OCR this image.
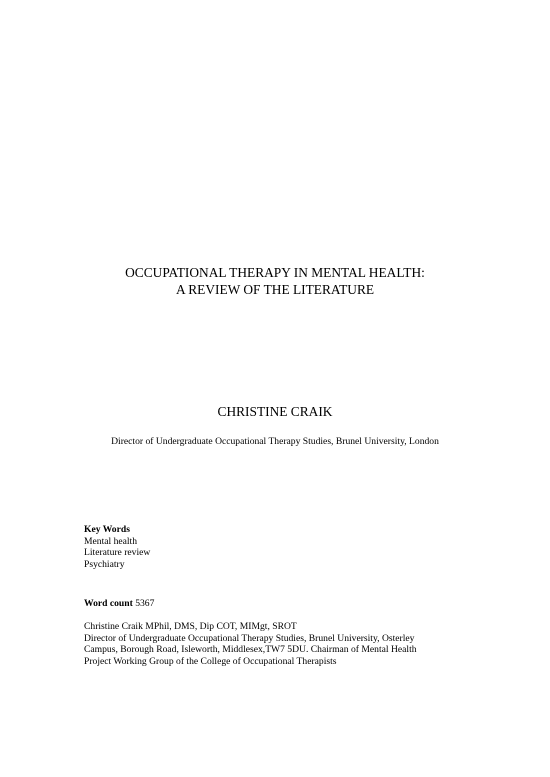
OCCUPATIONAL THERAPY IN MENTAL HEALTH:
A REVIEW OF THE LITERATURE
CHRISTINE CRAIK
Director of Undergraduate Occupational Therapy Studies, Brunel University, London
Key Words
Mental health
Literature review
Psychiatry
Word count 5367
Christine Craik MPhil, DMS, Dip COT, MIMgt, SROT
Director of Undergraduate Occupational Therapy Studies, Brunel University, Osterley
Campus, Borough Road, Isleworth, Middlesex,TW7 5DU. Chairman of Mental Health
Project Working Group of the College of Occupational Therapists
